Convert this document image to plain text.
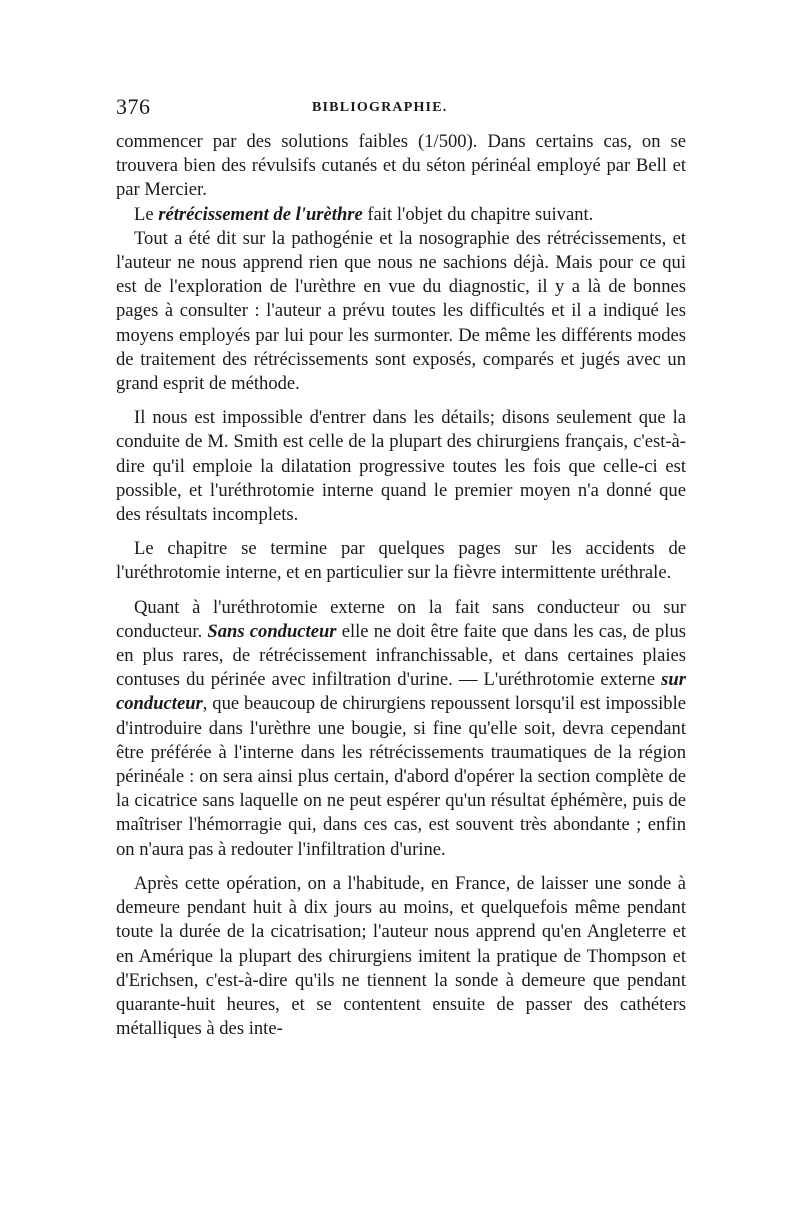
376	BIBLIOGRAPHIE.

commencer par des solutions faibles (1/500). Dans certains cas, on se trouvera bien des révulsifs cutanés et du séton périnéal employé par Bell et par Mercier.

Le rétrécissement de l'urèthre fait l'objet du chapitre suivant.

Tout a été dit sur la pathogénie et la nosographie des rétrécissements, et l'auteur ne nous apprend rien que nous ne sachions déjà. Mais pour ce qui est de l'exploration de l'urèthre en vue du diagnostic, il y a là de bonnes pages à consulter : l'auteur a prévu toutes les difficultés et il a indiqué les moyens employés par lui pour les surmonter. De même les différents modes de traitement des rétrécissements sont exposés, comparés et jugés avec un grand esprit de méthode.

Il nous est impossible d'entrer dans les détails; disons seulement que la conduite de M. Smith est celle de la plupart des chirurgiens français, c'est-à-dire qu'il emploie la dilatation progressive toutes les fois que celle-ci est possible, et l'uréthrotomie interne quand le premier moyen n'a donné que des résultats incomplets.

Le chapitre se termine par quelques pages sur les accidents de l'uréthrotomie interne, et en particulier sur la fièvre intermittente uréthrale.

Quant à l'uréthrotomie externe on la fait sans conducteur ou sur conducteur. Sans conducteur elle ne doit être faite que dans les cas, de plus en plus rares, de rétrécissement infranchissable, et dans certaines plaies contuses du périnée avec infiltration d'urine. — L'uréthrotomie externe sur conducteur, que beaucoup de chirurgiens repoussent lorsqu'il est impossible d'introduire dans l'urèthre une bougie, si fine qu'elle soit, devra cependant être préférée à l'interne dans les rétrécissements traumatiques de la région périnéale : on sera ainsi plus certain, d'abord d'opérer la section complète de la cicatrice sans laquelle on ne peut espérer qu'un résultat éphémère, puis de maîtriser l'hémorragie qui, dans ces cas, est souvent très abondante ; enfin on n'aura pas à redouter l'infiltration d'urine.

Après cette opération, on a l'habitude, en France, de laisser une sonde à demeure pendant huit à dix jours au moins, et quelquefois même pendant toute la durée de la cicatrisation; l'auteur nous apprend qu'en Angleterre et en Amérique la plupart des chirurgiens imitent la pratique de Thompson et d'Erichsen, c'est-à-dire qu'ils ne tiennent la sonde à demeure que pendant quarante-huit heures, et se contentent ensuite de passer des cathéters métalliques à des inte-
